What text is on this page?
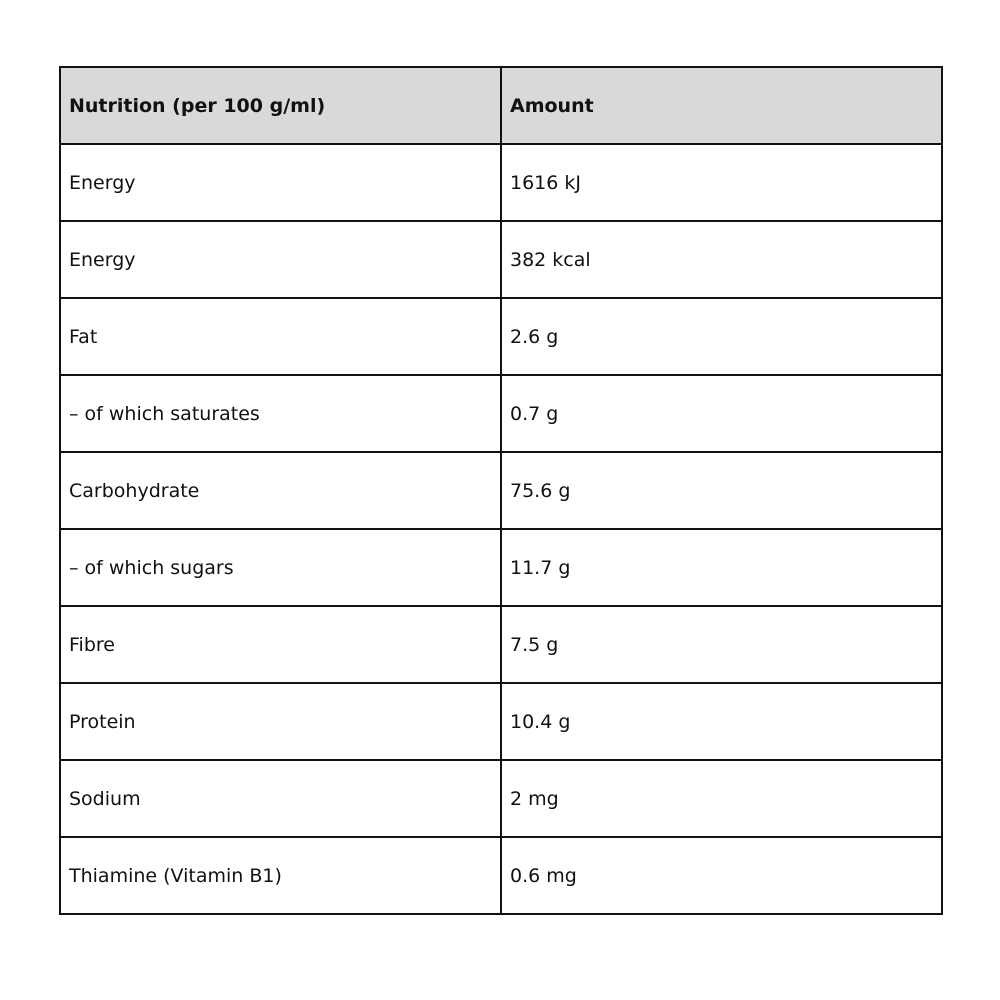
Nutrition (per 100 g/ml)	Amount
Energy	1616 kJ
Energy	382 kcal
Fat	2.6 g
– of which saturates	0.7 g
Carbohydrate	75.6 g
– of which sugars	11.7 g
Fibre	7.5 g
Protein	10.4 g
Sodium	2 mg
Thiamine (Vitamin B1)	0.6 mg
